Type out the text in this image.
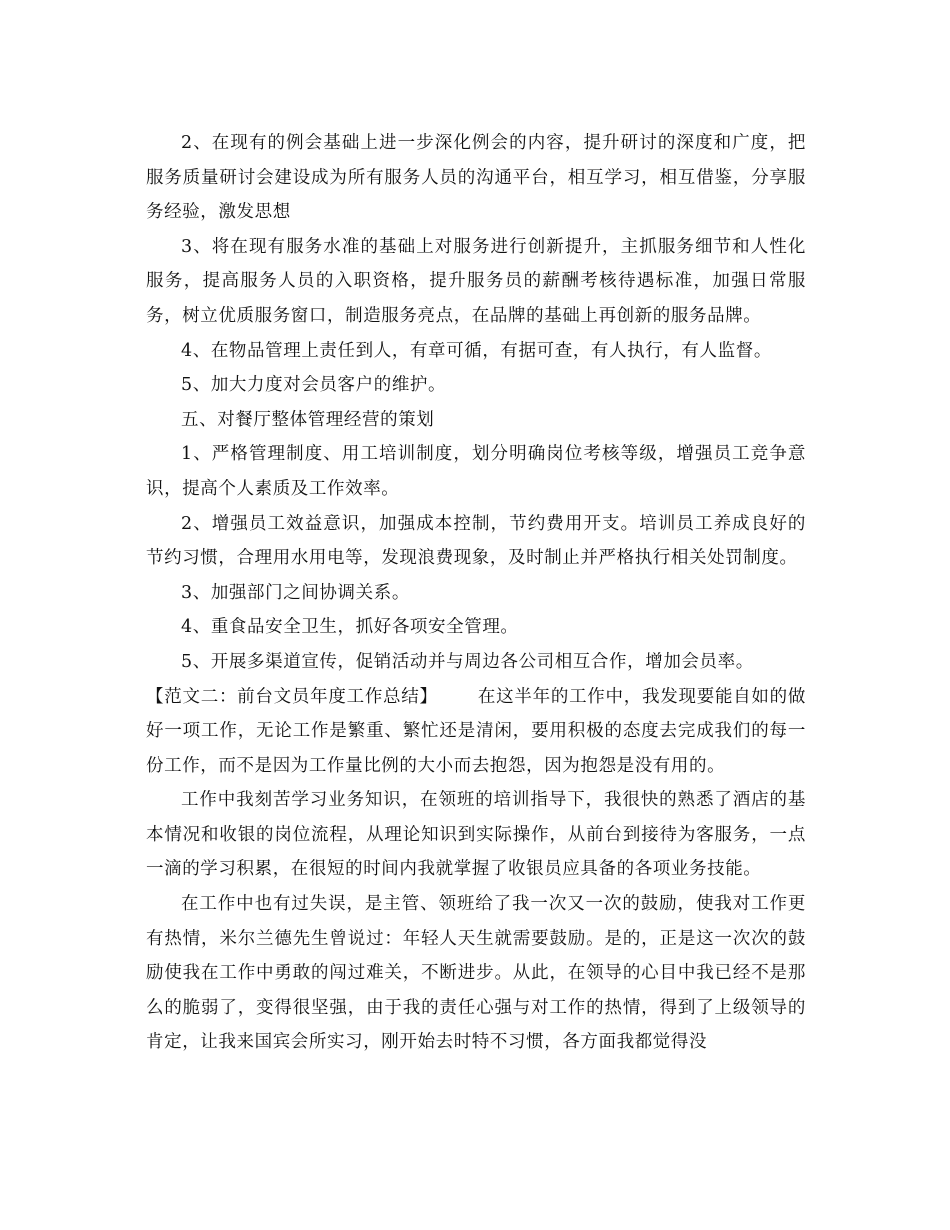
2、在现有的例会基础上进一步深化例会的内容，提升研讨的深度和广度，把服务质量研讨会建设成为所有服务人员的沟通平台，相互学习，相互借鉴，分享服务经验，激发思想

3、将在现有服务水准的基础上对服务进行创新提升，主抓服务细节和人性化服务，提高服务人员的入职资格，提升服务员的薪酬考核待遇标准，加强日常服务，树立优质服务窗口，制造服务亮点，在品牌的基础上再创新的服务品牌。

4、在物品管理上责任到人，有章可循，有据可查，有人执行，有人监督。

5、加大力度对会员客户的维护。

五、对餐厅整体管理经营的策划

1、严格管理制度、用工培训制度，划分明确岗位考核等级，增强员工竞争意识，提高个人素质及工作效率。

2、增强员工效益意识，加强成本控制，节约费用开支。培训员工养成良好的节约习惯，合理用水用电等，发现浪费现象，及时制止并严格执行相关处罚制度。

3、加强部门之间协调关系。

4、重食品安全卫生，抓好各项安全管理。

5、开展多渠道宣传，促销活动并与周边各公司相互合作，增加会员率。

【范文二：前台文员年度工作总结】 在这半年的工作中，我发现要能自如的做好一项工作，无论工作是繁重、繁忙还是清闲，要用积极的态度去完成我们的每一份工作，而不是因为工作量比例的大小而去抱怨，因为抱怨是没有用的。

工作中我刻苦学习业务知识，在领班的培训指导下，我很快的熟悉了酒店的基本情况和收银的岗位流程，从理论知识到实际操作，从前台到接待为客服务，一点一滴的学习积累，在很短的时间内我就掌握了收银员应具备的各项业务技能。

在工作中也有过失误，是主管、领班给了我一次又一次的鼓励，使我对工作更有热情，米尔兰德先生曾说过：年轻人天生就需要鼓励。是的，正是这一次次的鼓励使我在工作中勇敢的闯过难关，不断进步。从此，在领导的心目中我已经不是那么的脆弱了，变得很坚强，由于我的责任心强与对工作的热情，得到了上级领导的肯定，让我来国宾会所实习，刚开始去时特不习惯，各方面我都觉得没
